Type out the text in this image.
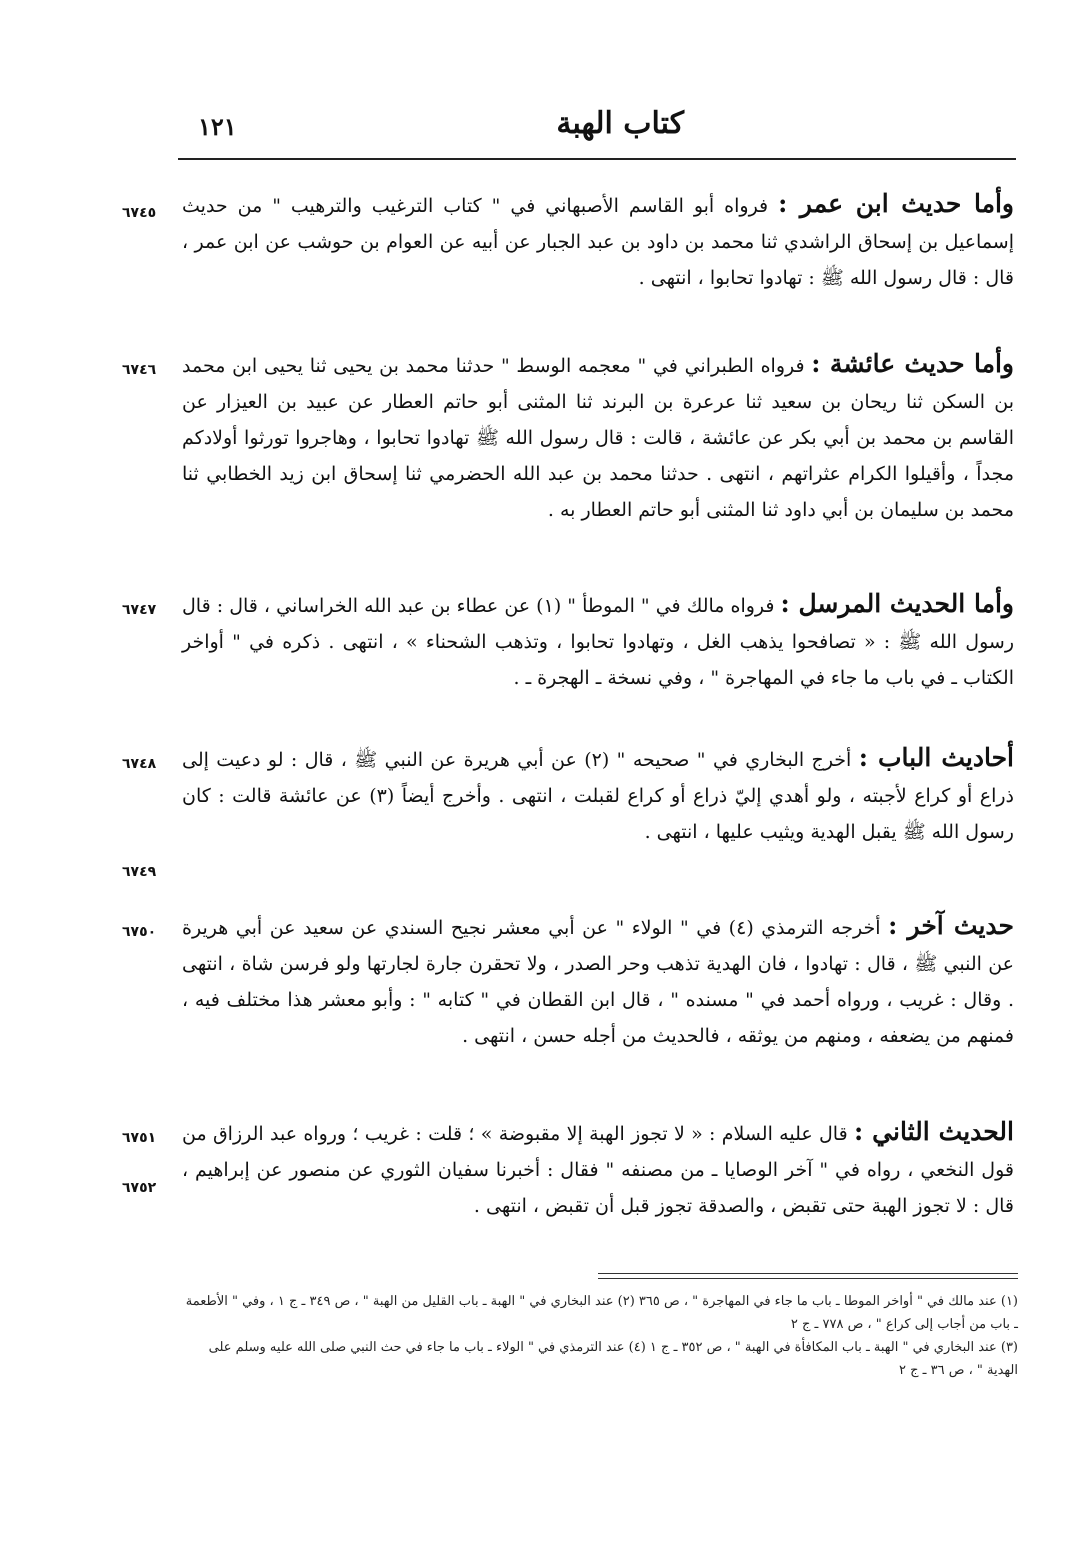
كتاب الهبة
١٢١
وأما حديث ابن عمر : فرواه أبو القاسم الأصبهاني في " كتاب الترغيب والترهيب " من حديث إسماعيل بن إسحاق الراشدي ثنا محمد بن داود بن عبد الجبار عن أبيه عن العوام بن حوشب عن ابن عمر ، قال : قال رسول الله ﷺ : تهادوا تحابوا ، انتهى .
وأما حديث عائشة : فرواه الطبراني في " معجمه الوسط " حدثنا محمد بن يحيى ثنا يحيى ابن محمد بن السكن ثنا ريحان بن سعيد ثنا عرعرة بن البرند ثنا المثنى أبو حاتم العطار عن عبيد بن العيزار عن القاسم بن محمد بن أبي بكر عن عائشة ، قالت : قال رسول الله ﷺ تهادوا تحابوا ، وهاجروا تورثوا أولادكم مجداً ، وأقيلوا الكرام عثراتهم ، انتهى . حدثنا محمد بن عبد الله الحضرمي ثنا إسحاق ابن زيد الخطابي ثنا محمد بن سليمان بن أبي داود ثنا المثنى أبو حاتم العطار به .
وأما الحديث المرسل : فرواه مالك في " الموطأ " (١) عن عطاء بن عبد الله الخراساني ، قال : قال رسول الله ﷺ : « تصافحوا يذهب الغل ، وتهادوا تحابوا ، وتذهب الشحناء » ، انتهى . ذكره في " أواخر الكتاب ـ في باب ما جاء في المهاجرة " ، وفي نسخة ـ الهجرة ـ .
أحاديث الباب : أخرج البخاري في " صحيحه " (٢) عن أبي هريرة عن النبي ﷺ ، قال : لو دعيت إلى ذراع أو كراع لأجبته ، ولو أهدي إليّ ذراع أو كراع لقبلت ، انتهى . وأخرج أيضاً (٣) عن عائشة قالت : كان رسول الله ﷺ يقبل الهدية ويثيب عليها ، انتهى .
حديث آخر : أخرجه الترمذي (٤) في " الولاء " عن أبي معشر نجيح السندي عن سعيد عن أبي هريرة عن النبي ﷺ ، قال : تهادوا ، فان الهدية تذهب وحر الصدر ، ولا تحقرن جارة لجارتها ولو فرسن شاة ، انتهى . وقال : غريب ، ورواه أحمد في " مسنده " ، قال ابن القطان في " كتابه " : وأبو معشر هذا مختلف فيه ، فمنهم من يضعفه ، ومنهم من يوثقه ، فالحديث من أجله حسن ، انتهى .
الحديث الثاني : قال عليه السلام : « لا تجوز الهبة إلا مقبوضة » ؛ قلت : غريب ؛ ورواه عبد الرزاق من قول النخعي ، رواه في " آخر الوصايا ـ من مصنفه " فقال : أخبرنا سفيان الثوري عن منصور عن إبراهيم ، قال : لا تجوز الهبة حتى تقبض ، والصدقة تجوز قبل أن تقبض ، انتهى .
٦٧٤٥
٦٧٤٦
٦٧٤٧
٦٧٤٨
٦٧٤٩
٦٧٥٠
٦٧٥١
٦٧٥٢
(١) عند مالك في " أواخر الموطا ـ باب ما جاء في المهاجرة " ، ص ٣٦٥ (٢) عند البخاري في " الهبة ـ باب القليل من الهبة " ، ص ٣٤٩ ـ ج ١ ، وفي " الأطعمة ـ باب من أجاب إلى كراع " ، ص ٧٧٨ ـ ج ٢
(٣) عند البخاري في " الهبة ـ باب المكافأة في الهبة " ، ص ٣٥٢ ـ ج ١ (٤) عند الترمذي في " الولاء ـ باب ما جاء في حث النبي صلى الله عليه وسلم على الهدية " ، ص ٣٦ ـ ج ٢
